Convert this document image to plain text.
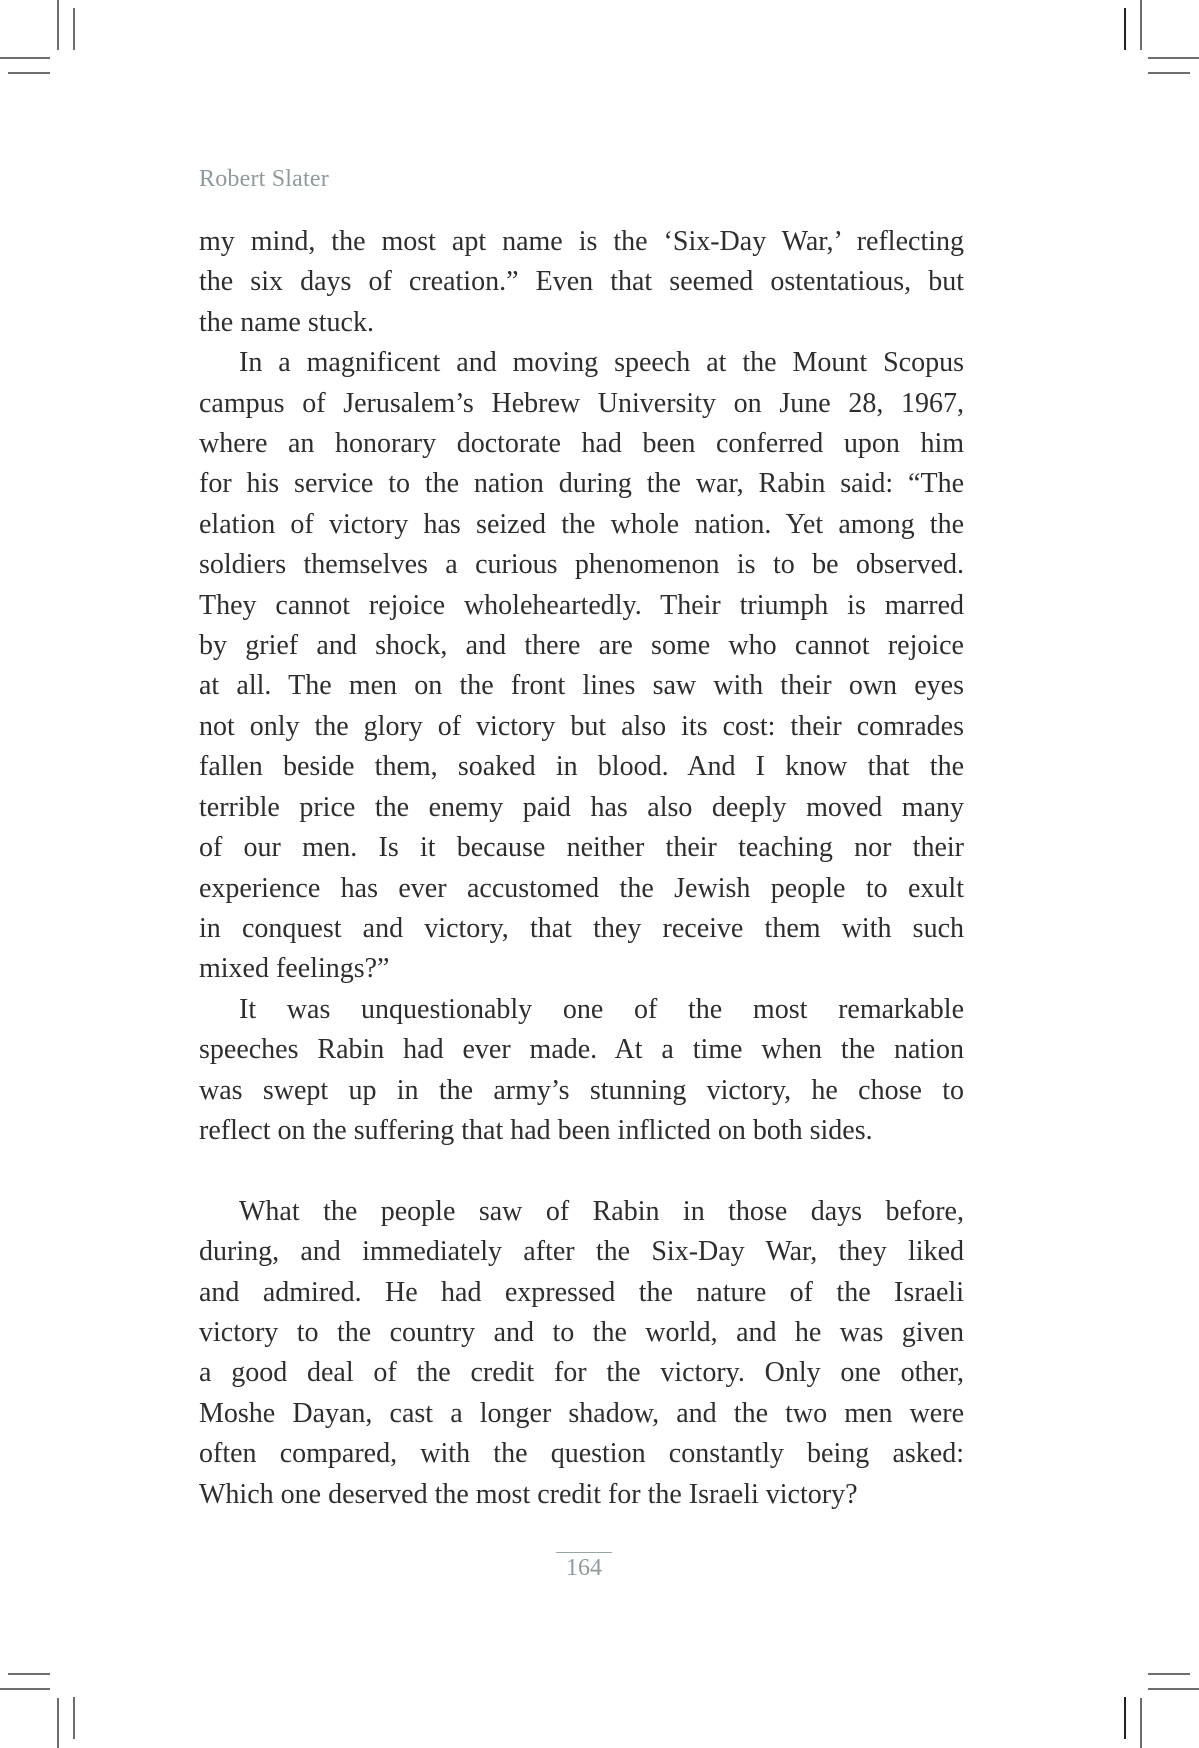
Robert Slater
my mind, the most apt name is the ‘Six-Day War,’ reflecting
the six days of creation.” Even that seemed ostentatious, but
the name stuck.
In a magnificent and moving speech at the Mount Scopus
campus of Jerusalem’s Hebrew University on June 28, 1967,
where an honorary doctorate had been conferred upon him
for his service to the nation during the war, Rabin said: “The
elation of victory has seized the whole nation. Yet among the
soldiers themselves a curious phenomenon is to be observed.
They cannot rejoice wholeheartedly. Their triumph is marred
by grief and shock, and there are some who cannot rejoice
at all. The men on the front lines saw with their own eyes
not only the glory of victory but also its cost: their comrades
fallen beside them, soaked in blood. And I know that the
terrible price the enemy paid has also deeply moved many
of our men. Is it because neither their teaching nor their
experience has ever accustomed the Jewish people to exult
in conquest and victory, that they receive them with such
mixed feelings?”
It was unquestionably one of the most remarkable
speeches Rabin had ever made. At a time when the nation
was swept up in the army’s stunning victory, he chose to
reflect on the suffering that had been inflicted on both sides.
What the people saw of Rabin in those days before,
during, and immediately after the Six-Day War, they liked
and admired. He had expressed the nature of the Israeli
victory to the country and to the world, and he was given
a good deal of the credit for the victory. Only one other,
Moshe Dayan, cast a longer shadow, and the two men were
often compared, with the question constantly being asked:
Which one deserved the most credit for the Israeli victory?
164
